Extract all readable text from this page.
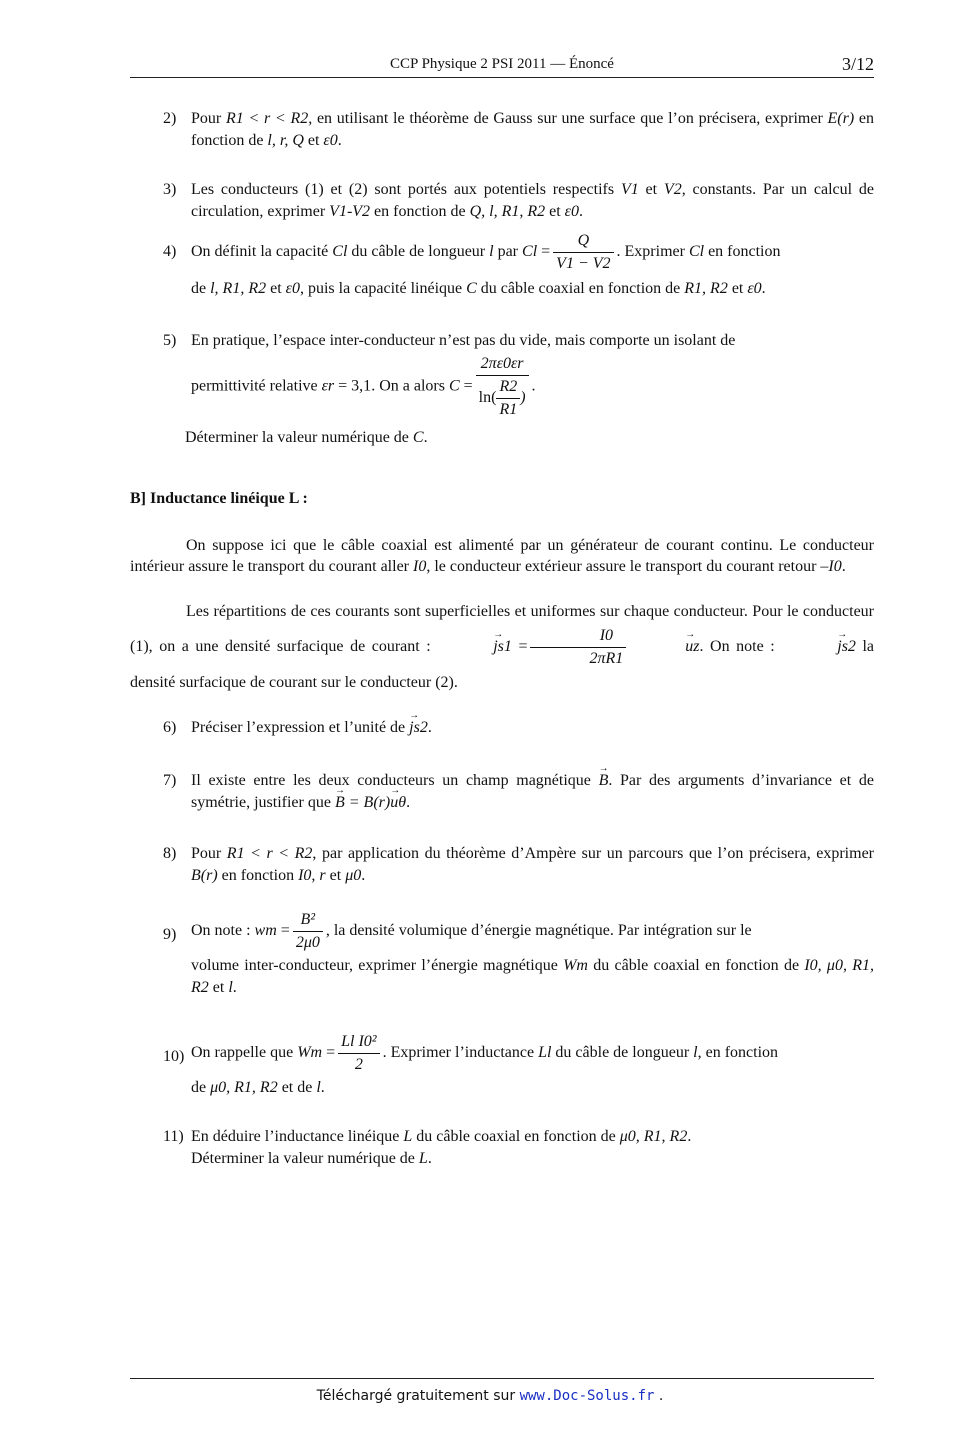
CCP Physique 2 PSI 2011 — Énoncé	3/12
2) Pour R1 < r < R2, en utilisant le théorème de Gauss sur une surface que l’on précisera, exprimer E(r) en fonction de l, r, Q et ε0.
3) Les conducteurs (1) et (2) sont portés aux potentiels respectifs V1 et V2, constants. Par un calcul de circulation, exprimer V1-V2 en fonction de Q, l, R1, R2 et ε0.
4) On définit la capacité Cl du câble de longueur l par $Cl = \frac{Q}{V1 - V2}$ . Exprimer Cl en fonction
de l, R1, R2 et ε0, puis la capacité linéique C du câble coaxial en fonction de R1, R2 et ε0.
5) En pratique, l’espace inter-conducteur n’est pas du vide, mais comporte un isolant de
permittivité relative εr = 3,1. On a alors $C = \frac{2\pi\varepsilon 0\varepsilon r}{\ln( \frac{R2}{R1} )}$ .
Déterminer la valeur numérique de C.
B] Inductance linéique L :
On suppose ici que le câble coaxial est alimenté par un générateur de courant continu. Le conducteur intérieur assure le transport du courant aller I0, le conducteur extérieur assure le transport du courant retour –I0.
Les répartitions de ces courants sont superficielles et uniformes sur chaque conducteur. Pour le conducteur (1), on a une densité surfacique de courant :	→ $js1 = \frac{I0}{2\pi R1}$	→ uz. On note :	→ js2 la densité surfacique de courant sur le conducteur (2).
6) Préciser l’expression et l’unité de → js2.
7) Il existe entre les deux conducteurs un champ magnétique → B. Par des arguments d’invariance et de symétrie, justifier que → B = B(r)→ uθ.
8) Pour R1 < r < R2, par application du théorème d’Ampère sur un parcours que l’on précisera, exprimer B(r) en fonction I0, r et μ0.
9) On note : wm = $\frac{\text{B²}}{2\mu 0}$ , la densité volumique d’énergie magnétique. Par intégration sur le
volume inter-conducteur, exprimer l’énergie magnétique Wm du câble coaxial en fonction de I0, μ0, R1, R2 et l.
10) On rappelle que $Wm = \frac{\text{Ll I0²}}{2}$ . Exprimer l’inductance Ll du câble de longueur l, en fonction
de μ0, R1, R2 et de l.
11) En déduire l’inductance linéique L du câble coaxial en fonction de μ0, R1, R2.
Déterminer la valeur numérique de L.
Téléchargé gratuitement sur www.Doc-Solus.fr .
